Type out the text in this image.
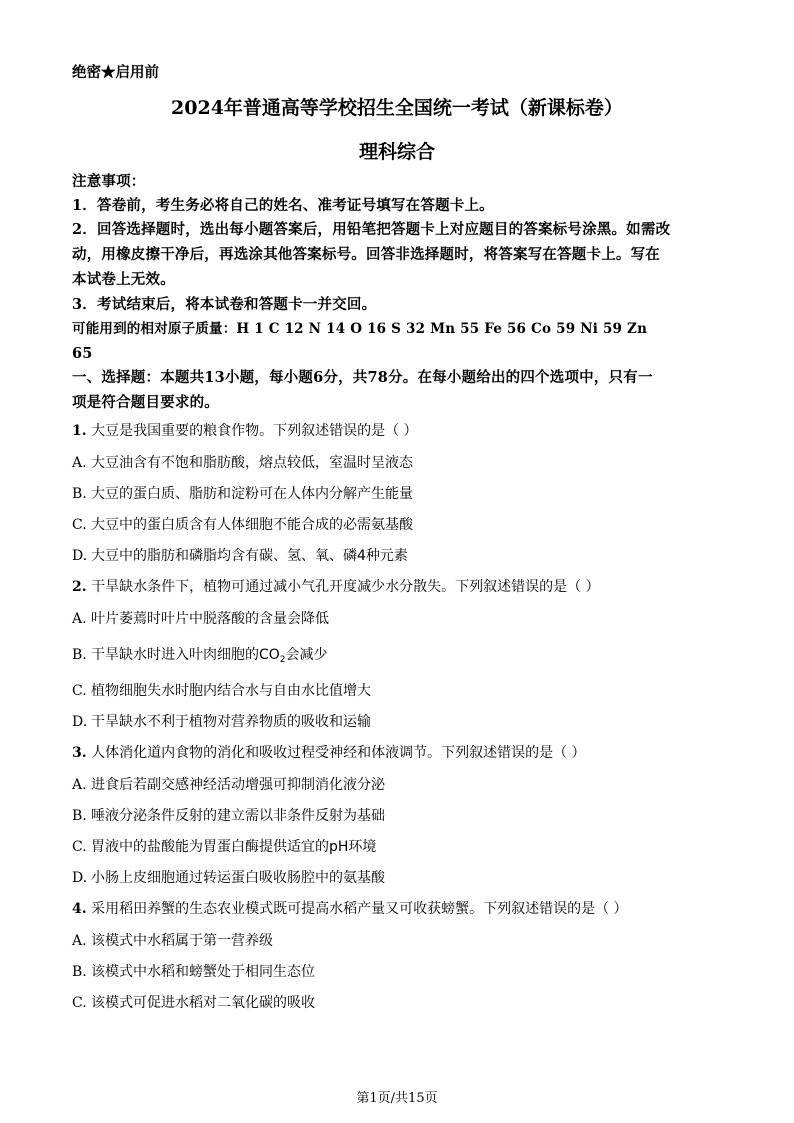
绝密★启用前
2024年普通高等学校招生全国统一考试（新课标卷）
理科综合
注意事项：
1．答卷前，考生务必将自己的姓名、准考证号填写在答题卡上。
2．回答选择题时，选出每小题答案后，用铅笔把答题卡上对应题目的答案标号涂黑。如需改
动，用橡皮擦干净后，再选涂其他答案标号。回答非选择题时，将答案写在答题卡上。写在
本试卷上无效。
3．考试结束后，将本试卷和答题卡一并交回。
可能用到的相对原子质量：H 1 C 12 N 14 O 16 S 32 Mn 55 Fe 56 Co 59 Ni 59 Zn
65
一、选择题：本题共13小题，每小题6分，共78分。在每小题给出的四个选项中，只有一
项是符合题目要求的。
1. 大豆是我国重要的粮食作物。下列叙述错误的是（ ）
A. 大豆油含有不饱和脂肪酸，熔点较低，室温时呈液态
B. 大豆的蛋白质、脂肪和淀粉可在人体内分解产生能量
C. 大豆中的蛋白质含有人体细胞不能合成的必需氨基酸
D. 大豆中的脂肪和磷脂均含有碳、氢、氧、磷4种元素
2. 干旱缺水条件下，植物可通过减小气孔开度减少水分散失。下列叙述错误的是（ ）
A. 叶片萎蔫时叶片中脱落酸的含量会降低
B. 干旱缺水时进入叶肉细胞的$CO_2$会减少
C. 植物细胞失水时胞内结合水与自由水比值增大
D. 干旱缺水不利于植物对营养物质的吸收和运输
3. 人体消化道内食物的消化和吸收过程受神经和体液调节。下列叙述错误的是（ ）
A. 进食后若副交感神经活动增强可抑制消化液分泌
B. 唾液分泌条件反射的建立需以非条件反射为基础
C. 胃液中的盐酸能为胃蛋白酶提供适宜的pH环境
D. 小肠上皮细胞通过转运蛋白吸收肠腔中的氨基酸
4. 采用稻田养蟹的生态农业模式既可提高水稻产量又可收获螃蟹。下列叙述错误的是（ ）
A. 该模式中水稻属于第一营养级
B. 该模式中水稻和螃蟹处于相同生态位
C. 该模式可促进水稻对二氧化碳的吸收
第1页/共15页
